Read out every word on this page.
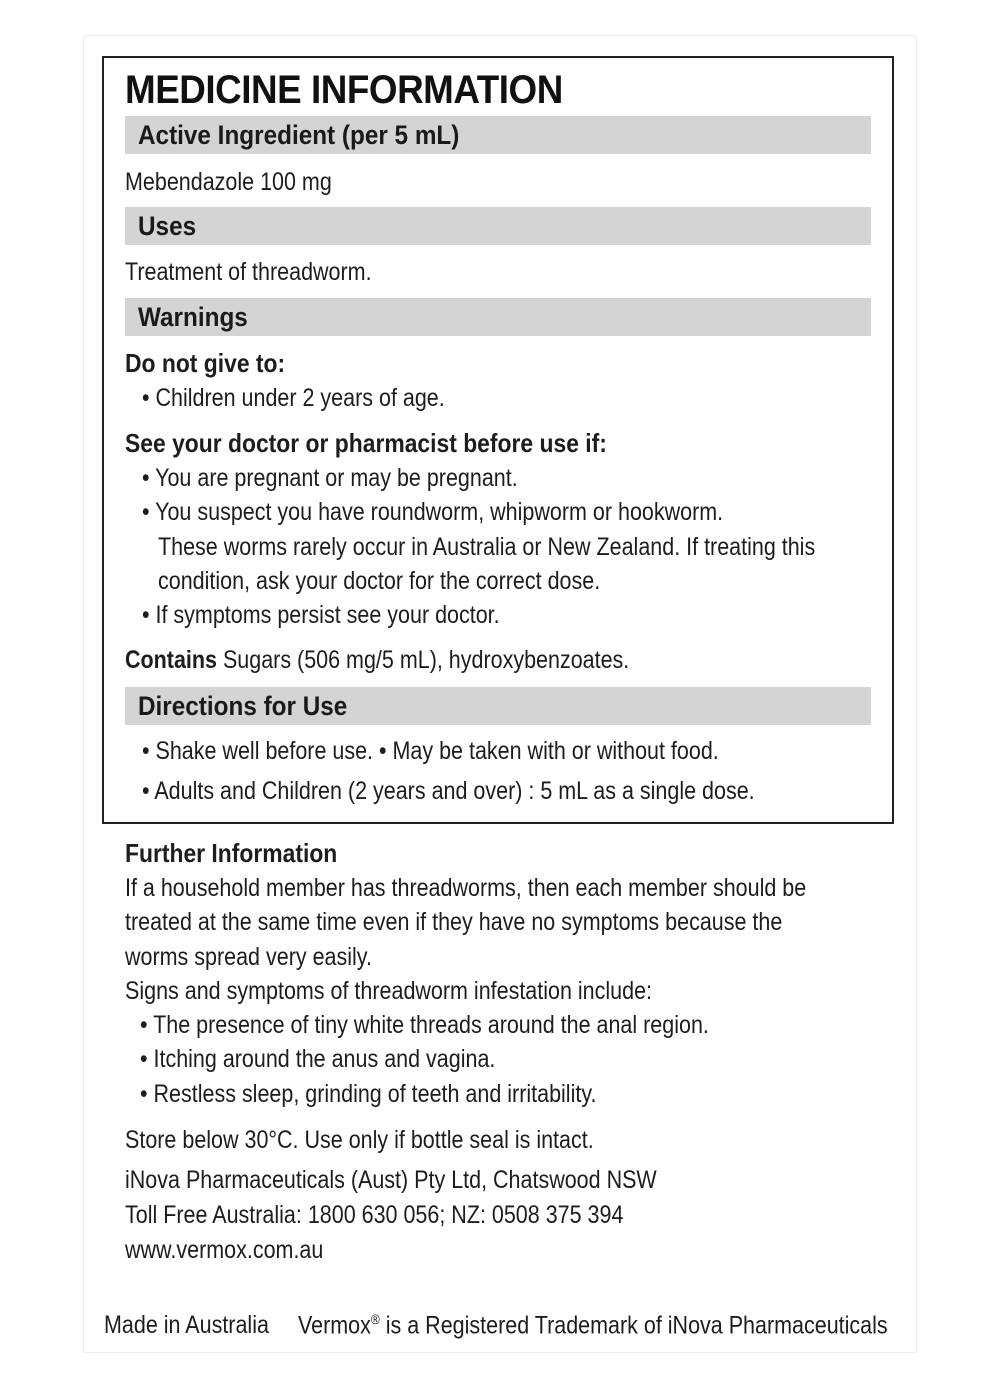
MEDICINE INFORMATION
Active Ingredient (per 5 mL)
Mebendazole 100 mg
Uses
Treatment of threadworm.
Warnings
Do not give to:
• Children under 2 years of age.
See your doctor or pharmacist before use if:
• You are pregnant or may be pregnant.
• You suspect you have roundworm, whipworm or hookworm.
These worms rarely occur in Australia or New Zealand. If treating this
condition, ask your doctor for the correct dose.
• If symptoms persist see your doctor.
Contains Sugars (506 mg/5 mL), hydroxybenzoates.
Directions for Use
• Shake well before use. • May be taken with or without food.
• Adults and Children (2 years and over) : 5 mL as a single dose.
Further Information
If a household member has threadworms, then each member should be
treated at the same time even if they have no symptoms because the
worms spread very easily.
Signs and symptoms of threadworm infestation include:
• The presence of tiny white threads around the anal region.
• Itching around the anus and vagina.
• Restless sleep, grinding of teeth and irritability.
Store below 30°C. Use only if bottle seal is intact.
iNova Pharmaceuticals (Aust) Pty Ltd, Chatswood NSW
Toll Free Australia: 1800 630 056; NZ: 0508 375 394
www.vermox.com.au
Made in Australia Vermox® is a Registered Trademark of iNova Pharmaceuticals
